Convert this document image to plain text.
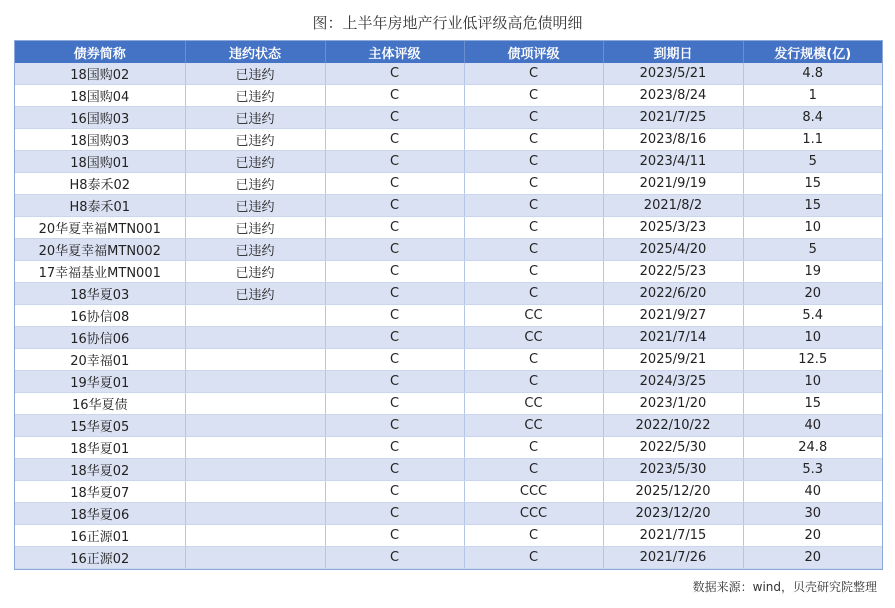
图：上半年房地产行业低评级高危债明细
债券简称	违约状态	主体评级	债项评级	到期日	发行规模(亿)
18国购02	已违约	C	C	2023/5/21	4.8
18国购04	已违约	C	C	2023/8/24	1
16国购03	已违约	C	C	2021/7/25	8.4
18国购03	已违约	C	C	2023/8/16	1.1
18国购01	已违约	C	C	2023/4/11	5
H8泰禾02	已违约	C	C	2021/9/19	15
H8泰禾01	已违约	C	C	2021/8/2	15
20华夏幸福MTN001	已违约	C	C	2025/3/23	10
20华夏幸福MTN002	已违约	C	C	2025/4/20	5
17幸福基业MTN001	已违约	C	C	2022/5/23	19
18华夏03	已违约	C	C	2022/6/20	20
16协信08		C	CC	2021/9/27	5.4
16协信06		C	CC	2021/7/14	10
20幸福01		C	C	2025/9/21	12.5
19华夏01		C	C	2024/3/25	10
16华夏债		C	CC	2023/1/20	15
15华夏05		C	CC	2022/10/22	40
18华夏01		C	C	2022/5/30	24.8
18华夏02		C	C	2023/5/30	5.3
18华夏07		C	CCC	2025/12/20	40
18华夏06		C	CCC	2023/12/20	30
16正源01		C	C	2021/7/15	20
16正源02		C	C	2021/7/26	20
数据来源：wind，贝壳研究院整理
